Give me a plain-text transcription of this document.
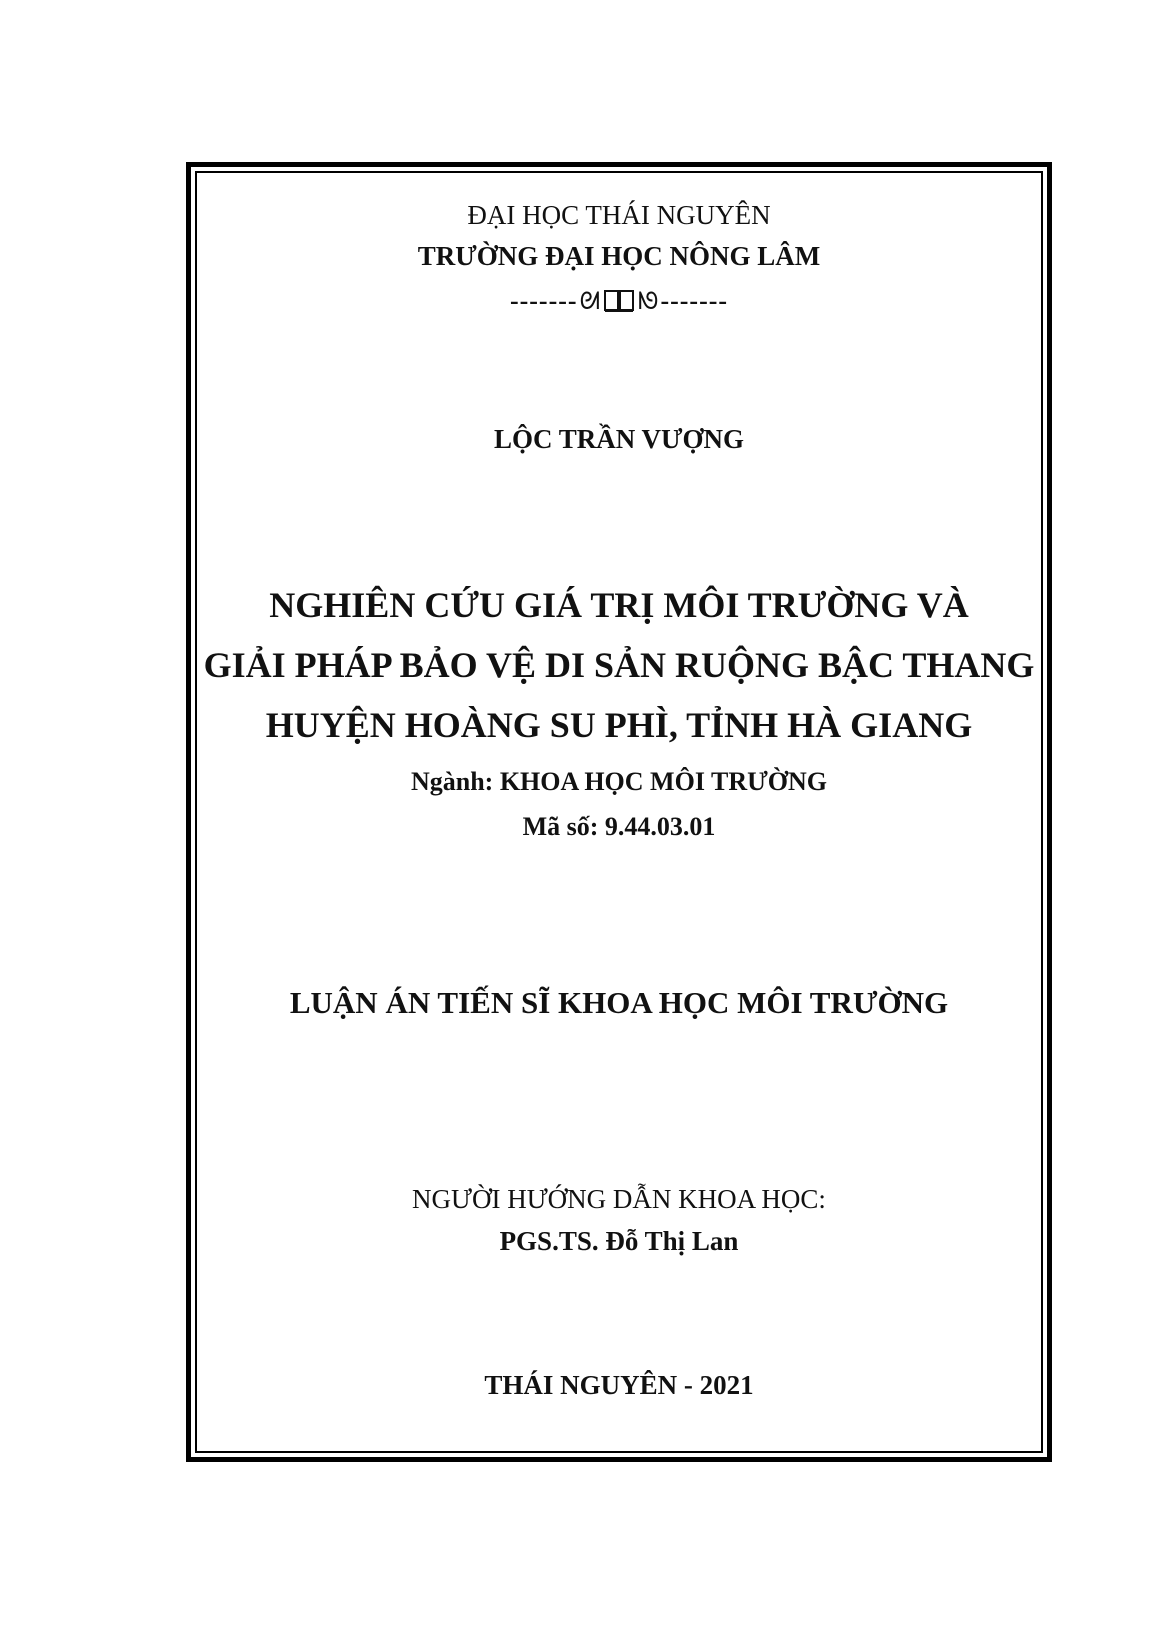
ĐẠI HỌC THÁI NGUYÊN
TRƯỜNG ĐẠI HỌC NÔNG LÂM
------- ᘛ ᘚ -------
LỘC TRẦN VƯỢNG
NGHIÊN CỨU GIÁ TRỊ MÔI TRƯỜNG VÀ
GIẢI PHÁP BẢO VỆ DI SẢN RUỘNG BẬC THANG
HUYỆN HOÀNG SU PHÌ, TỈNH HÀ GIANG
Ngành: KHOA HỌC MÔI TRƯỜNG
Mã số: 9.44.03.01
LUẬN ÁN TIẾN SĨ KHOA HỌC MÔI TRƯỜNG
NGƯỜI HƯỚNG DẪN KHOA HỌC:
PGS.TS. Đỗ Thị Lan
THÁI NGUYÊN - 2021
